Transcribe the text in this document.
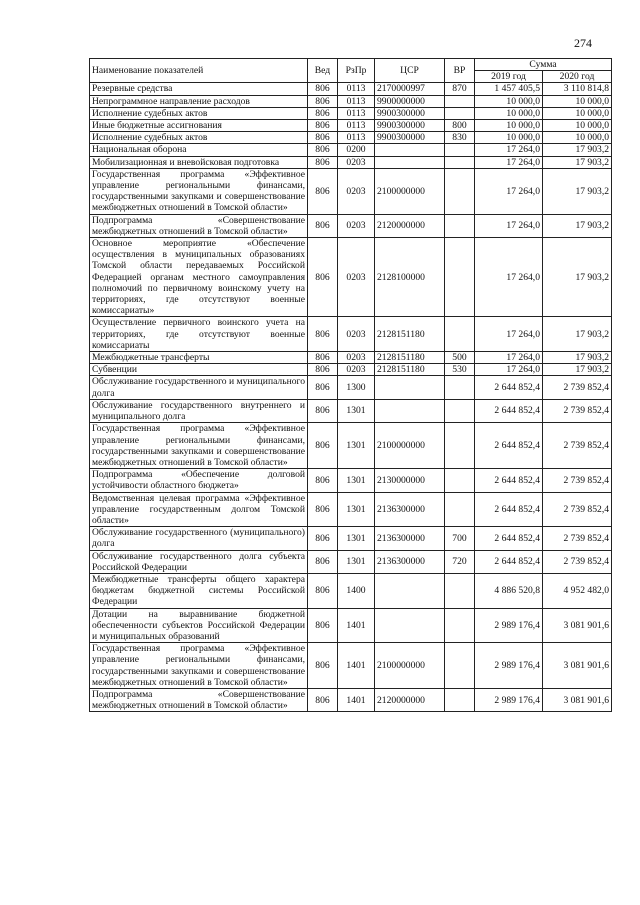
274
Наименование показателей	Вед	РзПр	ЦСР	ВР	Сумма	
					2019 год	2020 год
Резервные средства	806	0113	2170000997	870	1 457 405,5	3 110 814,8
Непрограммное направление расходов	806	0113	9900000000		10 000,0	10 000,0
Исполнение судебных актов	806	0113	9900300000		10 000,0	10 000,0
Иные бюджетные ассигнования	806	0113	9900300000	800	10 000,0	10 000,0
Исполнение судебных актов	806	0113	9900300000	830	10 000,0	10 000,0
Национальная оборона	806	0200			17 264,0	17 903,2
Мобилизационная и вневойсковая подготовка	806	0203			17 264,0	17 903,2
Государственная программа «Эффективное управление региональными финансами, государственными закупками и совершенствование межбюджетных отношений в Томской области»	806	0203	2100000000		17 264,0	17 903,2
Подпрограмма «Совершенствование межбюджетных отношений в Томской области»	806	0203	2120000000		17 264,0	17 903,2
Основное мероприятие «Обеспечение осуществления в муниципальных образованиях Томской области передаваемых Российской Федерацией органам местного самоуправления полномочий по первичному воинскому учету на территориях, где отсутствуют военные комиссариаты»	806	0203	2128100000		17 264,0	17 903,2
Осуществление первичного воинского учета на территориях, где отсутствуют военные комиссариаты	806	0203	2128151180		17 264,0	17 903,2
Межбюджетные трансферты	806	0203	2128151180	500	17 264,0	17 903,2
Субвенции	806	0203	2128151180	530	17 264,0	17 903,2
Обслуживание государственного и муниципального долга	806	1300			2 644 852,4	2 739 852,4
Обслуживание государственного внутреннего и муниципального долга	806	1301			2 644 852,4	2 739 852,4
Государственная программа «Эффективное управление региональными финансами, государственными закупками и совершенствование межбюджетных отношений в Томской области»	806	1301	2100000000		2 644 852,4	2 739 852,4
Подпрограмма «Обеспечение долговой устойчивости областного бюджета»	806	1301	2130000000		2 644 852,4	2 739 852,4
Ведомственная целевая программа «Эффективное управление государственным долгом Томской области»	806	1301	2136300000		2 644 852,4	2 739 852,4
Обслуживание государственного (муниципального) долга	806	1301	2136300000	700	2 644 852,4	2 739 852,4
Обслуживание государственного долга субъекта Российской Федерации	806	1301	2136300000	720	2 644 852,4	2 739 852,4
Межбюджетные трансферты общего характера бюджетам бюджетной системы Российской Федерации	806	1400			4 886 520,8	4 952 482,0
Дотации на выравнивание бюджетной обеспеченности субъектов Российской Федерации и муниципальных образований	806	1401			2 989 176,4	3 081 901,6
Государственная программа «Эффективное управление региональными финансами, государственными закупками и совершенствование межбюджетных отношений в Томской области»	806	1401	2100000000		2 989 176,4	3 081 901,6
Подпрограмма «Совершенствование межбюджетных отношений в Томской области»	806	1401	2120000000		2 989 176,4	3 081 901,6
